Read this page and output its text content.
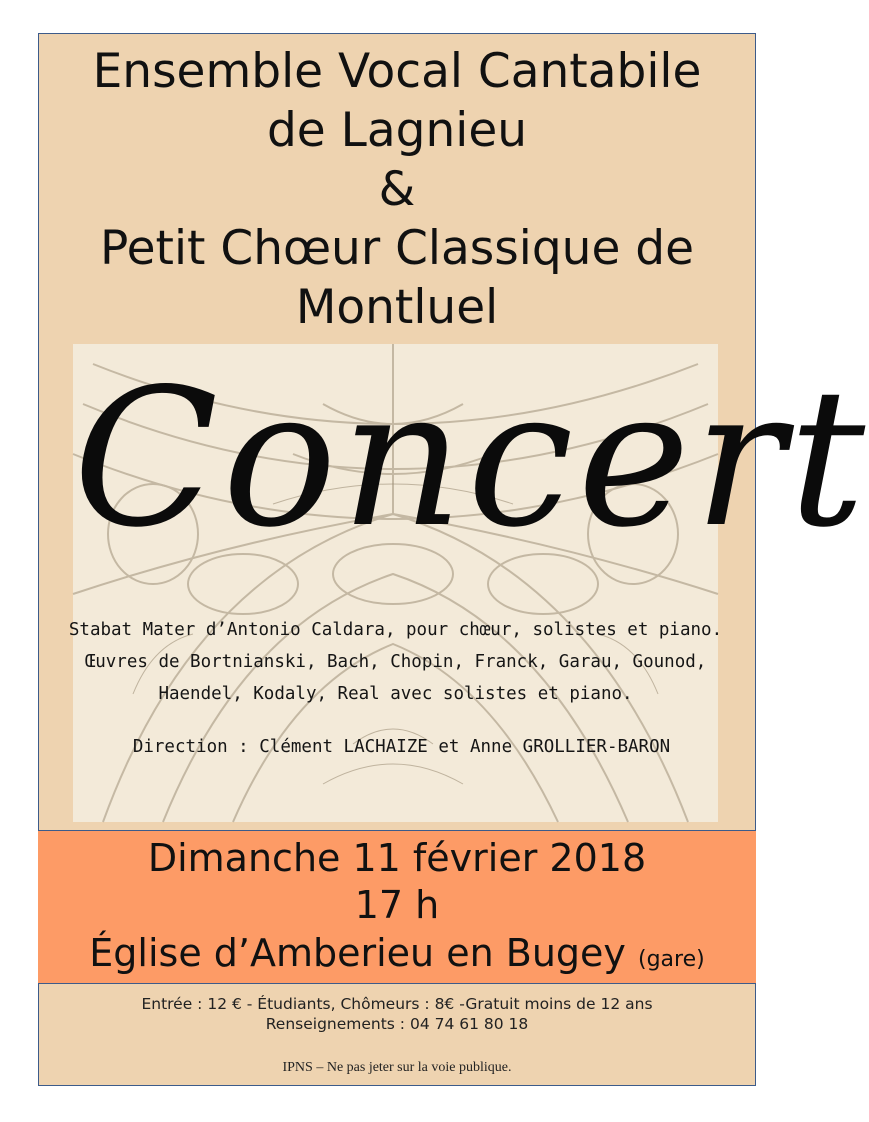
Ensemble Vocal Cantabile
de Lagnieu
&
Petit Chœur Classique de
Montluel
Concert
Stabat Mater d’Antonio Caldara, pour chœur, solistes et piano.
Œuvres de Bortnianski, Bach, Chopin, Franck, Garau, Gounod,
Haendel, Kodaly, Real avec solistes et piano.
Direction : Clément LACHAIZE et Anne GROLLIER-BARON
Dimanche 11 février 2018
17 h
Église d’Amberieu en Bugey (gare)
Entrée : 12 € - Étudiants, Chômeurs : 8€ -Gratuit moins de 12 ans
Renseignements : 04 74 61 80 18
IPNS – Ne pas jeter sur la voie publique.
